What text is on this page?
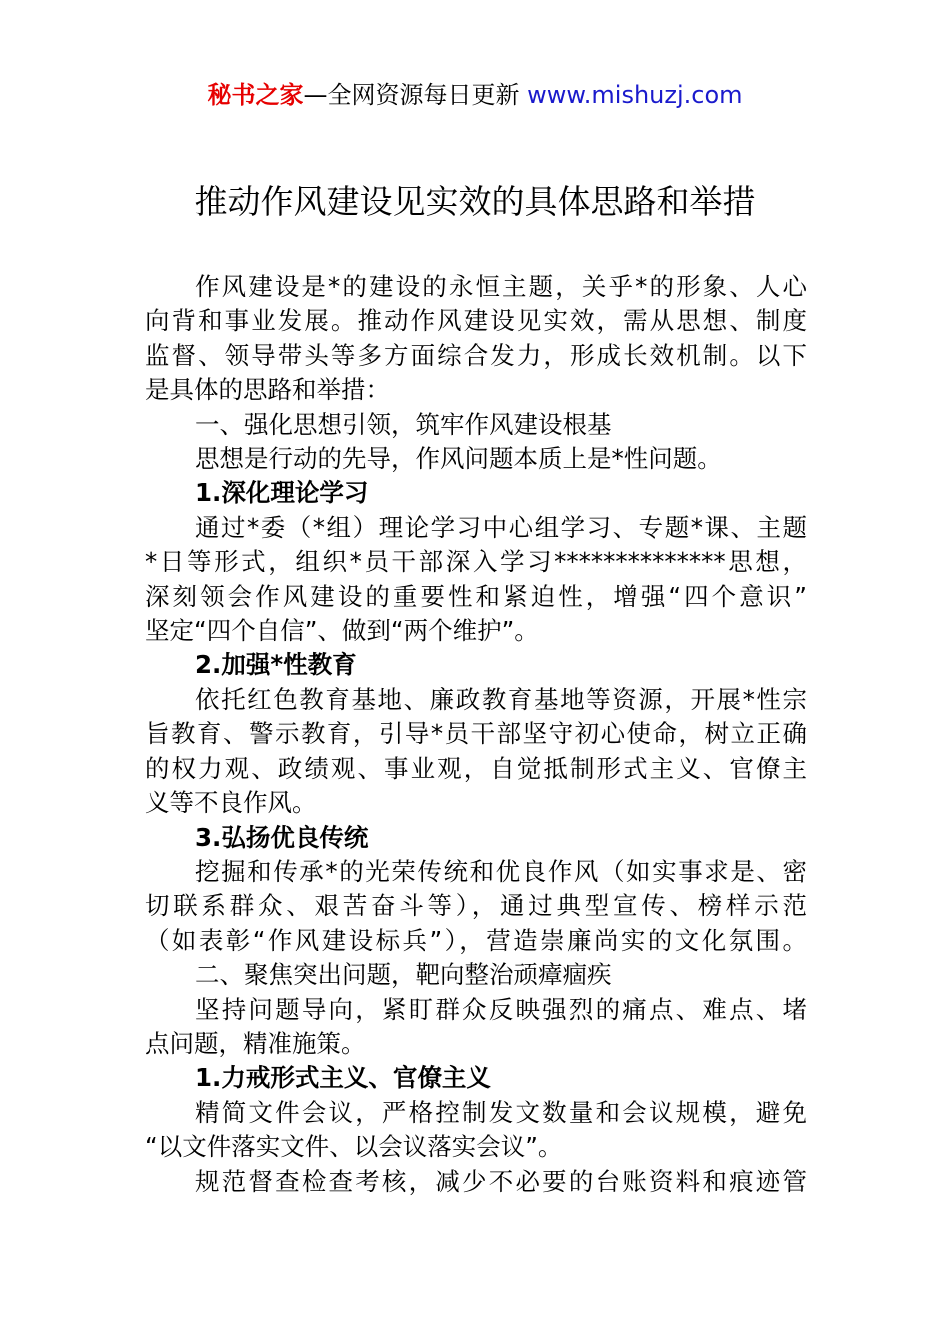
秘书之家—全网资源每日更新 www.mishuzj.com
推动作风建设见实效的具体思路和举措

作风建设是*的建设的永恒主题，关乎*的形象、人心

向背和事业发展。推动作风建设见实效，需从思想、制度

监督、领导带头等多方面综合发力，形成长效机制。以下

是具体的思路和举措：

一、强化思想引领，筑牢作风建设根基

思想是行动的先导，作风问题本质上是*性问题。

1.深化理论学习

通过*委（*组）理论学习中心组学习、专题*课、主题

*日等形式，组织*员干部深入学习**************思想，

深刻领会作风建设的重要性和紧迫性，增强“四个意识”

坚定“四个自信”、做到“两个维护”。

2.加强*性教育

依托红色教育基地、廉政教育基地等资源，开展*性宗

旨教育、警示教育，引导*员干部坚守初心使命，树立正确

的权力观、政绩观、事业观，自觉抵制形式主义、官僚主

义等不良作风。

3.弘扬优良传统

挖掘和传承*的光荣传统和优良作风（如实事求是、密

切联系群众、艰苦奋斗等），通过典型宣传、榜样示范

（如表彰“作风建设标兵”），营造崇廉尚实的文化氛围。

二、聚焦突出问题，靶向整治顽瘴痼疾

坚持问题导向，紧盯群众反映强烈的痛点、难点、堵

点问题，精准施策。

1.力戒形式主义、官僚主义

精简文件会议，严格控制发文数量和会议规模，避免

“以文件落实文件、以会议落实会议”。

规范督查检查考核，减少不必要的台账资料和痕迹管
